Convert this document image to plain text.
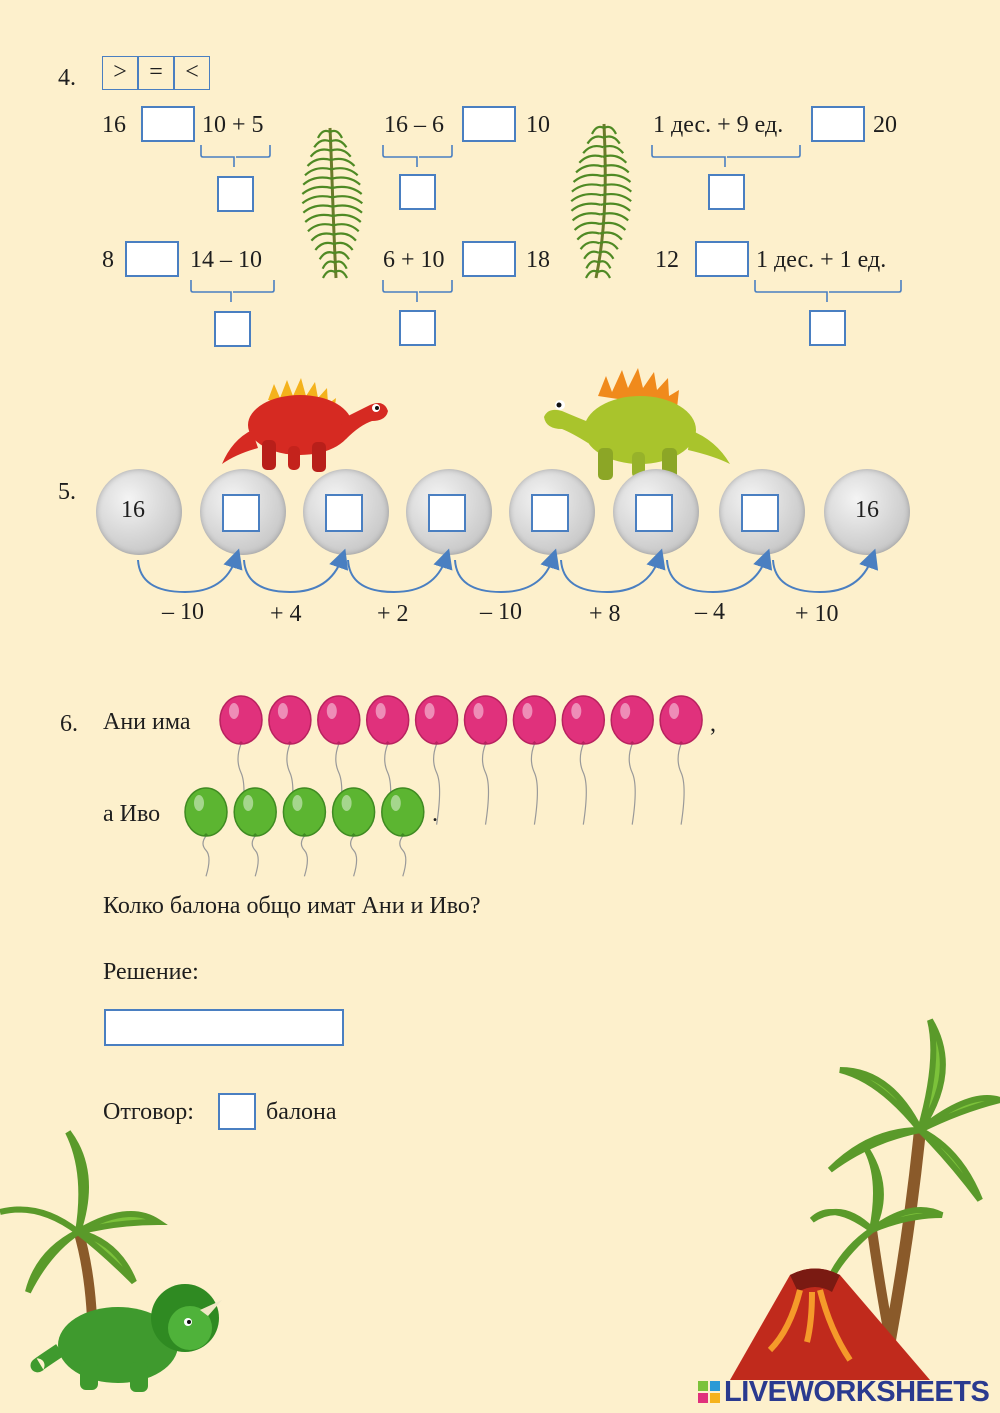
4.	> = <
16	10 + 5	16 – 6	10	1 дес. + 9 ед.	20
8	14 – 10	6 + 10	18	12	1 дес. + 1 ед.
5.
16	16
– 10	+ 4	+ 2	– 10	+ 8	– 4	+ 10
6. Ани има	,
а Иво	.
Колко балона общо имат Ани и Иво?
Решение:
Отговор:	балона
LIVEWORKSHEETS
